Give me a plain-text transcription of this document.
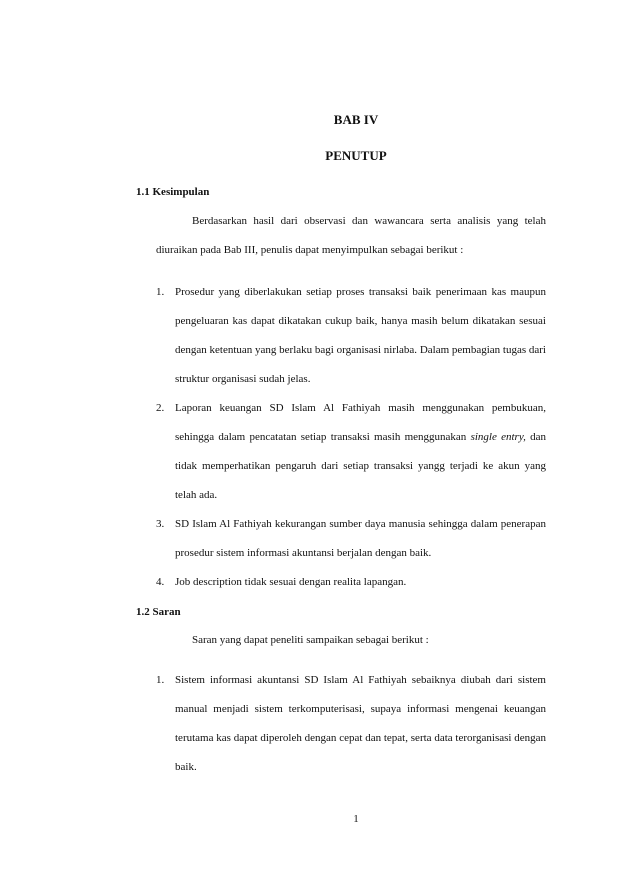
BAB IV
PENUTUP
1.1 Kesimpulan
Berdasarkan hasil dari observasi dan wawancara serta analisis yang telah diuraikan pada Bab III, penulis dapat menyimpulkan sebagai berikut :
1. Prosedur yang diberlakukan setiap proses transaksi baik penerimaan kas maupun pengeluaran kas dapat dikatakan cukup baik, hanya masih belum dikatakan sesuai dengan ketentuan yang berlaku bagi organisasi nirlaba. Dalam pembagian tugas dari struktur organisasi sudah jelas.
2. Laporan keuangan SD Islam Al Fathiyah masih menggunakan pembukuan, sehingga dalam pencatatan setiap transaksi masih menggunakan single entry, dan tidak memperhatikan pengaruh dari setiap transaksi yangg terjadi ke akun yang telah ada.
3. SD Islam Al Fathiyah kekurangan sumber daya manusia sehingga dalam penerapan prosedur sistem informasi akuntansi berjalan dengan baik.
4. Job description tidak sesuai dengan realita lapangan.
1.2 Saran
Saran yang dapat peneliti sampaikan sebagai berikut :
1. Sistem informasi akuntansi SD Islam Al Fathiyah sebaiknya diubah dari sistem manual menjadi sistem terkomputerisasi, supaya informasi mengenai keuangan terutama kas dapat diperoleh dengan cepat dan tepat, serta data terorganisasi dengan baik.
1
